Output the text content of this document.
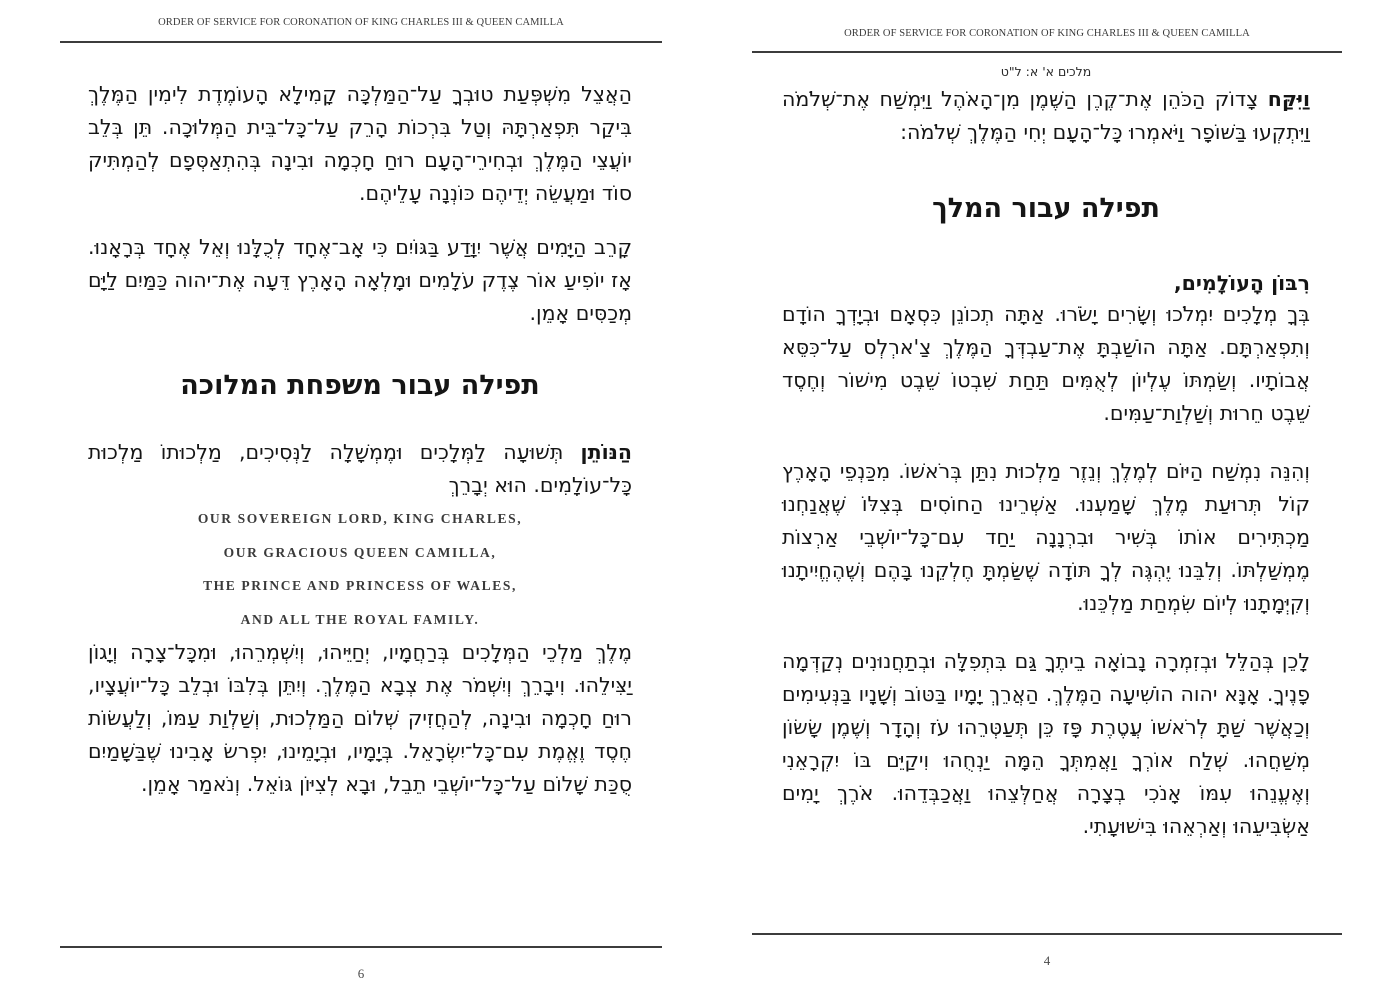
ORDER OF SERVICE FOR CORONATION OF KING CHARLES III & QUEEN CAMILLA

הַאֲצֵל מִשְׁפְּעַת טוּבְךָ עַל־הַמַּלְכָּה קָמִילָא הָעוֹמֶדֶת לִימִין הַמֶּלֶךְ בִּיקַר תִּפְאַרְתָּהּ וְטַל בִּרְכוֹת הָרֵק עַל־כָּל־בֵּית הַמְּלוּכָה. תֵּן בְּלֵב יוֹעֲצֵי הַמֶּלֶךְ וּבְחִירֵי־הָעָם רוּחַ חָכְמָה וּבִינָה בְּהִתְאַסְּפָם לְהַמְתִּיק סוֹד וּמַעֲשֵׂה יְדֵיהֶם כּוֹנְנָה עָלֵיהֶם.

קָרֵב הַיָּמִים אֲשֶׁר יִוָּדַע בַּגּוֹיִם כִּי אָב־אֶחָד לְכֻלָּנוּ וְאֵל אֶחָד בְּרָאָנוּ. אָז יוֹפִיעַ אוֹר צֶדֶק עֹלָמִים וּמָלְאָה הָאָרֶץ דֵּעָה אֶת־יהוה כַּמַּיִם לַיָּם מְכַסִּים אָמֵן.

תפילה עבור משפחת המלוכה

הַנּוֹתֵן תְּשׁוּעָה לַמְּלָכִים וּמֶמְשָׁלָה לַנְּסִיכִים, מַלְכוּתוֹ מַלְכוּת כָּל־עוֹלָמִים. הוּא יְבָרֵךְ

OUR SOVEREIGN LORD, KING CHARLES,

OUR GRACIOUS QUEEN CAMILLA,

THE PRINCE AND PRINCESS OF WALES,

AND ALL THE ROYAL FAMILY.

מֶלֶךְ מַלְכֵי הַמְּלָכִים בְּרַחֲמָיו, יְחַיֵּיהוּ, וְיִשְׁמְרֵהוּ, וּמִכָּל־צָרָה וְיָגוֹן יַצִּילֵהוּ. וִיבָרֵךְ וְיִשְׁמֹר אֶת צְבָא הַמֶּלֶךְ. וְיִתֵּן בְּלִבּוֹ וּבְלֵב כָּל־יוֹעֲצָיו, רוּחַ חָכְמָה וּבִינָה, לְהַחֲזִיק שְׁלוֹם הַמַּלְכוּת, וְשַׁלְוַת עַמּוֹ, וְלַעֲשׂוֹת חֶסֶד וֶאֱמֶת עִם־כָּל־יִשְׂרָאֵל. בְּיָמָיו, וּבְיָמֵינוּ, יִפְרשׂ אָבִינוּ שֶׁבַּשָּׁמַיִם סֻכַּת שָׁלוֹם עַל־כָּל־יוֹשְׁבֵי תֵבֵל, וּבָא לְצִיּוֹן גּוֹאֵל. וְנֹאמַר אָמֵן.

6
ORDER OF SERVICE FOR CORONATION OF KING CHARLES III & QUEEN CAMILLA

מלכים א' א: ל"ט

וַיִּקַּח צָדוֹק הַכֹּהֵן אֶת־קֶרֶן הַשֶּׁמֶן מִן־הָאֹהֶל וַיִּמְשַׁח אֶת־שְׁלֹמֹה וַיִּתְקְעוּ בַּשּׁוֹפָר וַיֹּאמְרוּ כָּל־הָעָם יְחִי הַמֶּלֶךְ שְׁלֹמֹה:

תפילה עבור המלך

רִבּוֹן הָעוֹלָמִים,

בְּךָ מְלָכִים יִמְלֹכוּ וְשָׂרִים יָשֹׂרוּ. אַתָּה תְכוֹנֵן כִּסְאָם וּבְיָדְךָ הוֹדָם וְתִפְאַרְתָּם. אַתָּה הוֹשַׁבְתָּ אֶת־עַבְדְּךָ הַמֶּלֶךְ צַ'ארְלְס עַל־כִּסֵּא אֲבוֹתָיו. וְשַׂמְתּוֹ עֶלְיוֹן לְאֻמִּים תַּחַת שִׁבְטוֹ שֵׁבֶט מִישׁוֹר וְחֶסֶד שֵׁבֶט חֵרוּת וְשַׁלְוַת־עַמִּים.

וְהִנֵּה נִמְשַׁח הַיּוֹם לְמֶלֶךְ וְנֵזֶר מַלְכוּת נִתַּן בְּרֹאשׁוֹ. מִכַּנְפֵי הָאָרֶץ קוֹל תְּרוּעַת מֶלֶךְ שָׁמַעְנוּ. אַשְׁרֵינוּ הַחוֹסִים בְּצִלּוֹ שֶׁאֲנַחְנוּ מַכְתִּירִים אוֹתוֹ בְּשִׁיר וּבִרְנָנָה יַחַד עִם־כָּל־יוֹשְׁבֵי אַרְצוֹת מֶמְשַׁלְתּוֹ. וְלִבֵּנוּ יֶהְגֶּה לְךָ תּוֹדָה שֶׁשַּׂמְתָּ חֶלְקֵנוּ בָּהֶם וְשֶׁהֶחֱיִיתָנוּ וְקִיְּמָתָנוּ לְיוֹם שִׂמְחַת מַלְכֵּנוּ.

לָכֵן בְּהַלֵּל וּבְזִמְרָה נָבוֹאָה בֵיתֶךָ גַּם בִּתְפִלָּה וּבְתַחֲנוּנִים נְקַדְּמָה פָנֶיךָ. אָנָּא יהוה הוֹשִׁיעָה הַמֶּלֶךְ. הַאֲרֵךְ יָמָיו בַּטּוֹב וְשָׁנָיו בַּנְּעִימִים וְכַאֲשֶׁר שַׁתָּ לְרֹאשׁוֹ עֲטֶרֶת פָּז כֵּן תְּעַטְּרֵהוּ עֹז וְהָדָר וְשֶׁמֶן שָׂשׂוֹן מְשַׁחֲהוּ. שְׁלַח אוֹרְךָ וַאֲמִתְּךָ הֵמָּה יַנְחֻהוּ וִיקַיֵּם בּוֹ יִקְרָאֵנִי וְאֶעֱנֵהוּ עִמּוֹ אָנֹכִי בְצָרָה אֲחַלְּצֵהוּ וַאֲכַבְּדֵהוּ. אֹרֶךְ יָמִים אַשְׂבִּיעֵהוּ וְאַרְאֵהוּ בִּישׁוּעָתִי.

4
